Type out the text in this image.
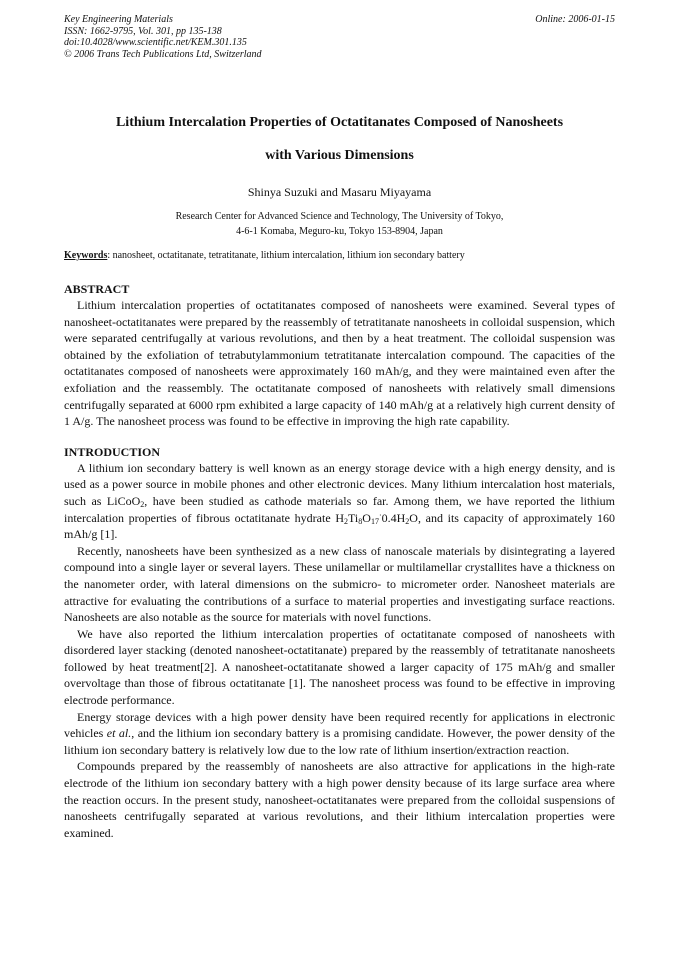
Key Engineering Materials
ISSN: 1662-9795, Vol. 301, pp 135-138
doi:10.4028/www.scientific.net/KEM.301.135
© 2006 Trans Tech Publications Ltd, Switzerland
Online: 2006-01-15
Lithium Intercalation Properties of Octatitanates Composed of Nanosheets
with Various Dimensions
Shinya Suzuki and Masaru Miyayama
Research Center for Advanced Science and Technology, The University of Tokyo,
4-6-1 Komaba, Meguro-ku, Tokyo 153-8904, Japan
Keywords: nanosheet, octatitanate, tetratitanate, lithium intercalation, lithium ion secondary battery
ABSTRACT

Lithium intercalation properties of octatitanates composed of nanosheets were examined. Several types of nanosheet-octatitanates were prepared by the reassembly of tetratitanate nanosheets in colloidal suspension, which were separated centrifugally at various revolutions, and then by a heat treatment. The colloidal suspension was obtained by the exfoliation of tetrabutylammonium tetratitanate intercalation compound. The capacities of the octatitanates composed of nanosheets were approximately 160 mAh/g, and they were maintained even after the exfoliation and the reassembly. The octatitanate composed of nanosheets with relatively small dimensions centrifugally separated at 6000 rpm exhibited a large capacity of 140 mAh/g at a relatively high current density of 1 A/g. The nanosheet process was found to be effective in improving the high rate capability.

INTRODUCTION

A lithium ion secondary battery is well known as an energy storage device with a high energy density, and is used as a power source in mobile phones and other electronic devices. Many lithium intercalation host materials, such as LiCoO$_2$, have been studied as cathode materials so far. Among them, we have reported the lithium intercalation properties of fibrous octatitanate hydrate $H_2Ti_8O_{17}^\cdot 0.4H_2O$, and its capacity of approximately 160 mAh/g [1].

Recently, nanosheets have been synthesized as a new class of nanoscale materials by disintegrating a layered compound into a single layer or several layers. These unilamellar or multilamellar crystallites have a thickness on the nanometer order, with lateral dimensions on the submicro- to micrometer order. Nanosheet materials are attractive for evaluating the contributions of a surface to material properties and investigating surface reactions. Nanosheets are also notable as the source for materials with novel functions.

We have also reported the lithium intercalation properties of octatitanate composed of nanosheets with disordered layer stacking (denoted nanosheet-octatitanate) prepared by the reassembly of tetratitanate nanosheets followed by heat treatment[2]. A nanosheet-octatitanate showed a larger capacity of 175 mAh/g and smaller overvoltage than those of fibrous octatitanate [1]. The nanosheet process was found to be effective in improving electrode performance.

Energy storage devices with a high power density have been required recently for applications in electronic vehicles et al., and the lithium ion secondary battery is a promising candidate. However, the power density of the lithium ion secondary battery is relatively low due to the low rate of lithium insertion/extraction reaction.

Compounds prepared by the reassembly of nanosheets are also attractive for applications in the high-rate electrode of the lithium ion secondary battery with a high power density because of its large surface area where the reaction occurs. In the present study, nanosheet-octatitanates were prepared from the colloidal suspensions of nanosheets centrifugally separated at various revolutions, and their lithium intercalation properties were examined.
